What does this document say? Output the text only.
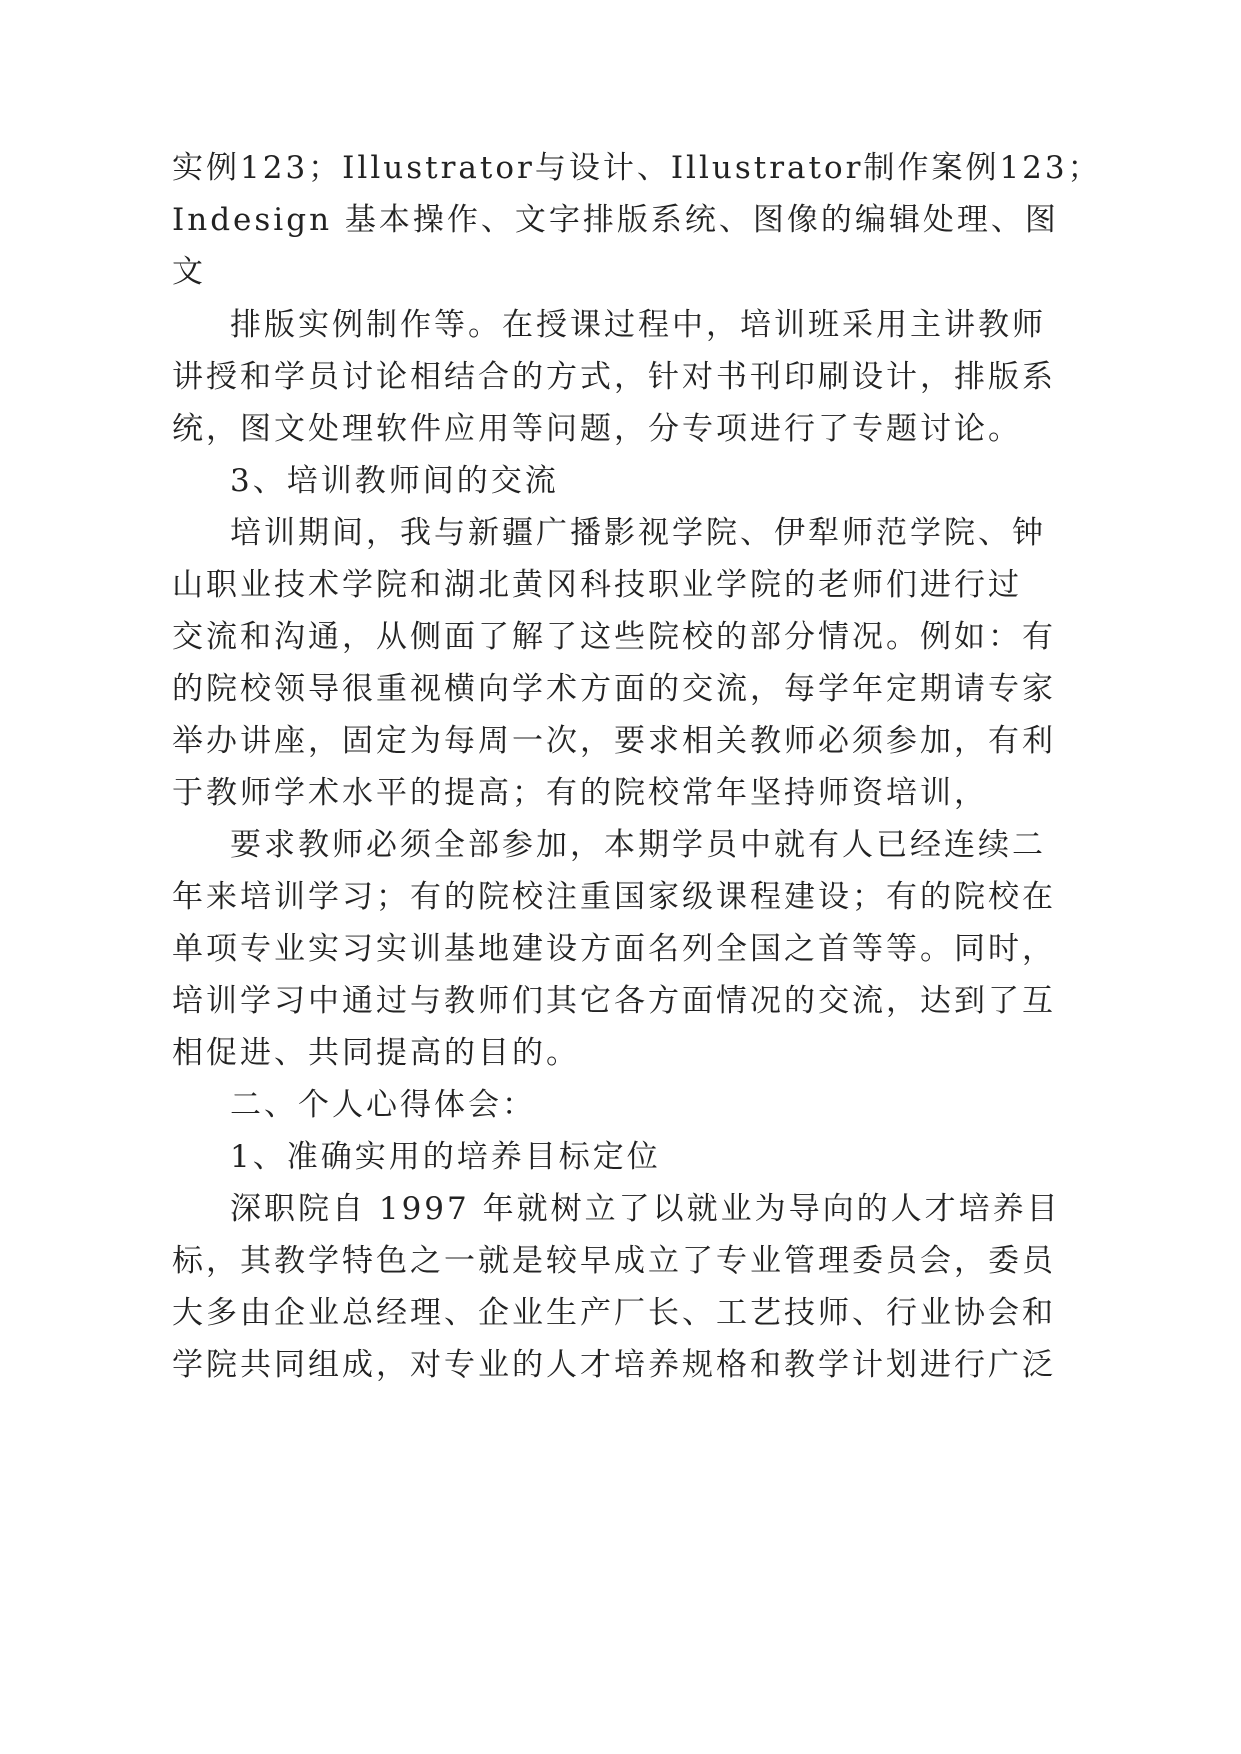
实例123；Illustrator与设计、Illustrator制作案例123；
Indesign 基本操作、文字排版系统、图像的编辑处理、图
文
排版实例制作等。在授课过程中，培训班采用主讲教师
讲授和学员讨论相结合的方式，针对书刊印刷设计，排版系
统，图文处理软件应用等问题，分专项进行了专题讨论。
3、培训教师间的交流
培训期间，我与新疆广播影视学院、伊犁师范学院、钟
山职业技术学院和湖北黄冈科技职业学院的老师们进行过
交流和沟通，从侧面了解了这些院校的部分情况。例如：有
的院校领导很重视横向学术方面的交流，每学年定期请专家
举办讲座，固定为每周一次，要求相关教师必须参加，有利
于教师学术水平的提高；有的院校常年坚持师资培训，
要求教师必须全部参加，本期学员中就有人已经连续二
年来培训学习；有的院校注重国家级课程建设；有的院校在
单项专业实习实训基地建设方面名列全国之首等等。同时，
培训学习中通过与教师们其它各方面情况的交流，达到了互
相促进、共同提高的目的。
二、个人心得体会：
1、准确实用的培养目标定位
深职院自 1997 年就树立了以就业为导向的人才培养目
标，其教学特色之一就是较早成立了专业管理委员会，委员
大多由企业总经理、企业生产厂长、工艺技师、行业协会和
学院共同组成，对专业的人才培养规格和教学计划进行广泛
